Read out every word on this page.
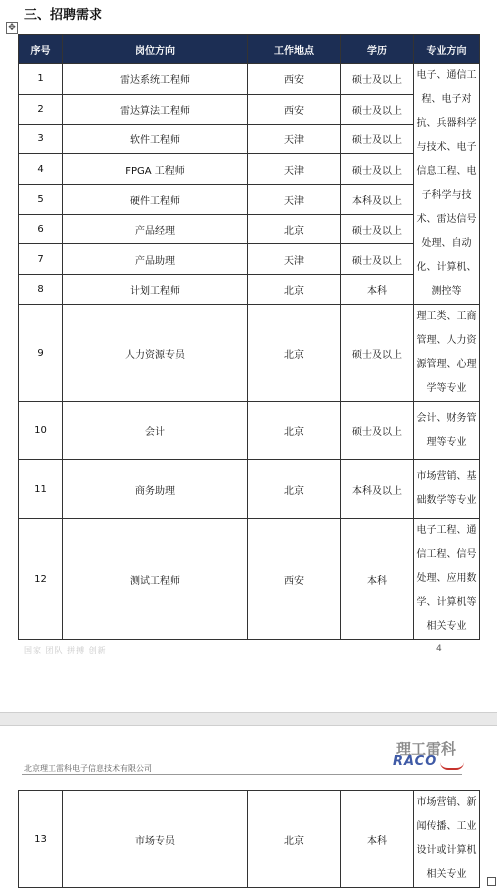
三、招聘需求
✥
序号	岗位方向	工作地点	学历	专业方向
1	雷达系统工程师	西安	硕士及以上	电子、通信工程、电子对抗、兵器科学与技术、电子信息工程、电子科学与技术、雷达信号处理、自动化、计算机、测控等
2	雷达算法工程师	西安	硕士及以上	
3	软件工程师	天津	硕士及以上	
4	FPGA 工程师	天津	硕士及以上	
5	硬件工程师	天津	本科及以上	
6	产品经理	北京	硕士及以上	
7	产品助理	天津	硕士及以上	
8	计划工程师	北京	本科	
9	人力资源专员	北京	硕士及以上	理工类、工商管理、人力资源管理、心理学等专业
10	会计	北京	硕士及以上	会计、财务管理等专业
11	商务助理	北京	本科及以上	市场营销、基础数学等专业
12	测试工程师	西安	本科	电子工程、通信工程、信号处理、应用数学、计算机等相关专业
国家 团队 拼搏 创新	4
理工雷科
RACO
北京理工雷科电子信息技术有限公司
13	市场专员	北京	本科	市场营销、新闻传播、工业设计或计算机相关专业
